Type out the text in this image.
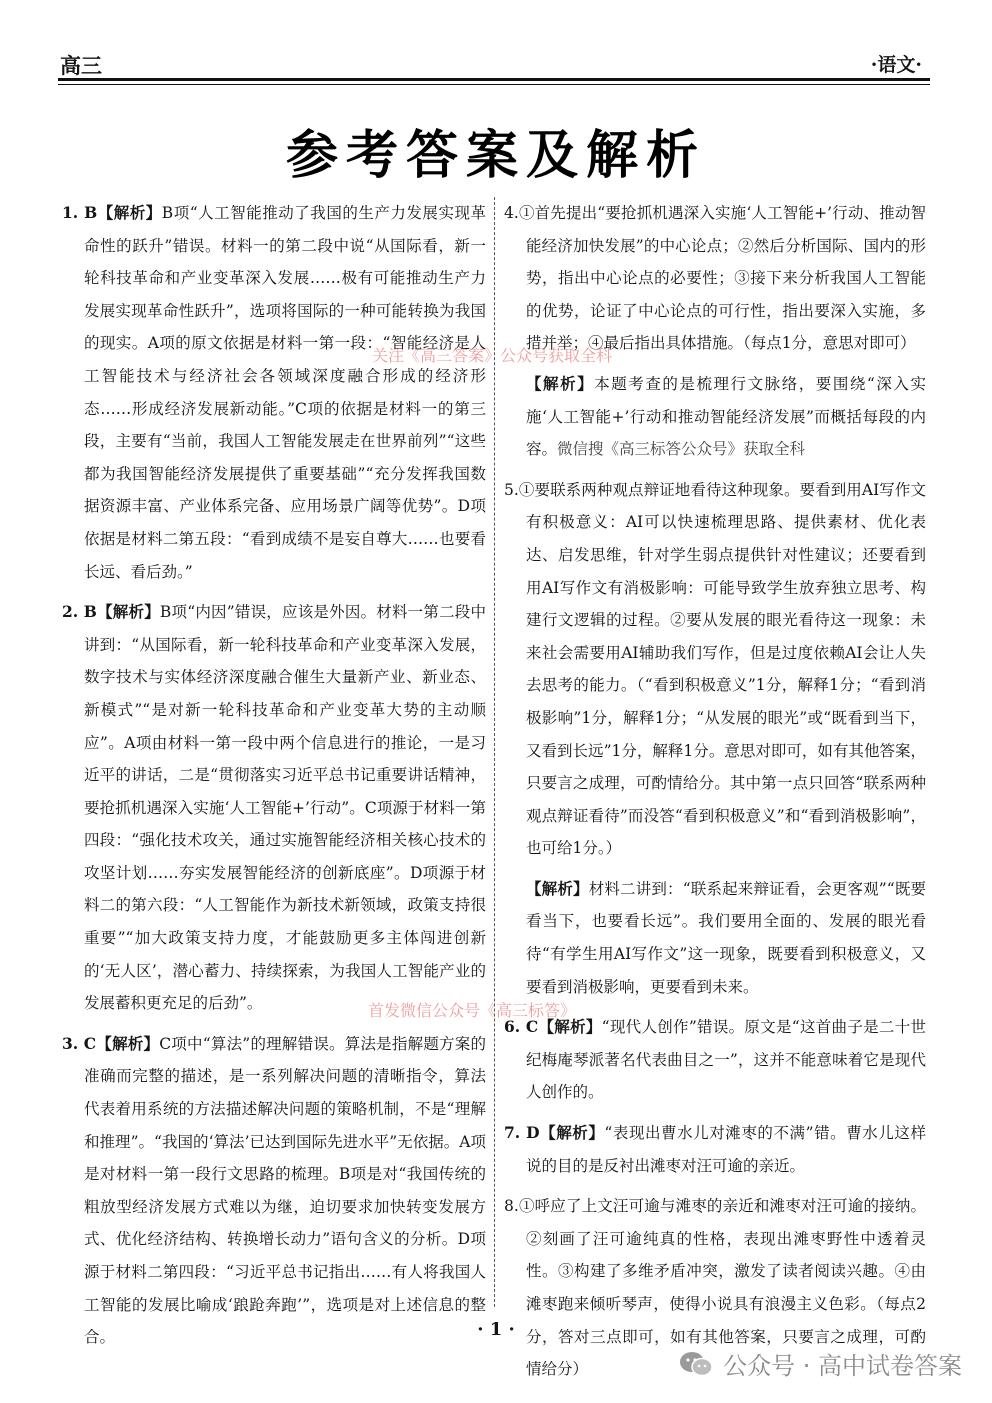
高三	·语文·
关注《高三答案》公众号获取全科
参考答案及解析

1. B【解析】B项“人工智能推动了我国的生产力发展实现革命性的跃升”错误。材料一的第二段中说“从国际看，新一轮科技革命和产业变革深入发展……极有可能推动生产力发展实现革命性跃升”，选项将国际的一种可能转换为我国的现实。A项的原文依据是材料一第一段：“智能经济是人工智能技术与经济社会各领域深度融合形成的经济形态……形成经济发展新动能。”C项的依据是材料一的第三段，主要有“当前，我国人工智能发展走在世界前列”“这些都为我国智能经济发展提供了重要基础”“充分发挥我国数据资源丰富、产业体系完备、应用场景广阔等优势”。D项依据是材料二第五段：“看到成绩不是妄自尊大……也要看长远、看后劲。”

2. B【解析】B项“内因”错误，应该是外因。材料一第二段中讲到：“从国际看，新一轮科技革命和产业变革深入发展，数字技术与实体经济深度融合催生大量新产业、新业态、新模式”“是对新一轮科技革命和产业变革大势的主动顺应”。A项由材料一第一段中两个信息进行的推论，一是习近平的讲话，二是“贯彻落实习近平总书记重要讲话精神，要抢抓机遇深入实施‘人工智能+’行动”。C项源于材料一第四段：“强化技术攻关，通过实施智能经济相关核心技术的攻坚计划……夯实发展智能经济的创新底座”。D项源于材料二的第六段：“人工智能作为新技术新领域，政策支持很重要”“加大政策支持力度，才能鼓励更多主体闯进创新的‘无人区’，潜心蓄力、持续探索，为我国人工智能产业的发展蓄积更充足的后劲”。

3. C【解析】C项中“算法”的理解错误。算法是指解题方案的准确而完整的描述，是一系列解决问题的清晰指令，算法代表着用系统的方法描述解决问题的策略机制，不是“理解和推理”。“我国的‘算法’已达到国际先进水平”无依据。A项是对材料一第一段行文思路的梳理。B项是对“我国传统的粗放型经济发展方式难以为继，迫切要求加快转变发展方式、优化经济结构、转换增长动力”语句含义的分析。D项源于材料二第四段：“习近平总书记指出……有人将我国人工智能的发展比喻成‘踉跄奔跑’”，选项是对上述信息的整合。

4.①首先提出“要抢抓机遇深入实施‘人工智能+’行动、推动智能经济加快发展”的中心论点；②然后分析国际、国内的形势，指出中心论点的必要性；③接下来分析我国人工智能的优势，论证了中心论点的可行性，指出要深入实施，多措并举；④最后指出具体措施。（每点1分，意思对即可）

【解析】本题考查的是梳理行文脉络，要围绕“深入实施‘人工智能+’行动和推动智能经济发展”而概括每段的内容。微信搜《高三标答公众号》获取全科

5.①要联系两种观点辩证地看待这种现象。要看到用AI写作文有积极意义：AI可以快速梳理思路、提供素材、优化表达、启发思维，针对学生弱点提供针对性建议；还要看到用AI写作文有消极影响：可能导致学生放弃独立思考、构建行文逻辑的过程。②要从发展的眼光看待这一现象：未来社会需要用AI辅助我们写作，但是过度依赖AI会让人失去思考的能力。（“看到积极意义”1分，解释1分；“看到消极影响”1分，解释1分；“从发展的眼光”或“既看到当下，又看到长远”1分，解释1分。意思对即可，如有其他答案，只要言之成理，可酌情给分。其中第一点只回答“联系两种观点辩证看待”而没答“看到积极意义”和“看到消极影响”，也可给1分。）

【解析】材料二讲到：“联系起来辩证看，会更客观”“既要看当下，也要看长远”。我们要用全面的、发展的眼光看待“有学生用AI写作文”这一现象，既要看到积极意义，又要看到消极影响，更要看到未来。

6. C【解析】“现代人创作”错误。原文是“这首曲子是二十世纪梅庵琴派著名代表曲目之一”，这并不能意味着它是现代人创作的。

7. D【解析】“表现出曹水儿对滩枣的不满”错。曹水儿这样说的目的是反衬出滩枣对汪可逾的亲近。

8.①呼应了上文汪可逾与滩枣的亲近和滩枣对汪可逾的接纳。②刻画了汪可逾纯真的性格，表现出滩枣野性中透着灵性。③构建了多维矛盾冲突，激发了读者阅读兴趣。④由滩枣跑来倾听琴声，使得小说具有浪漫主义色彩。（每点2分，答对三点即可，如有其他答案，只要言之成理，可酌情给分）

首发微信公众号《高三标答》
· 1 ·
公众号 · 高中试卷答案
